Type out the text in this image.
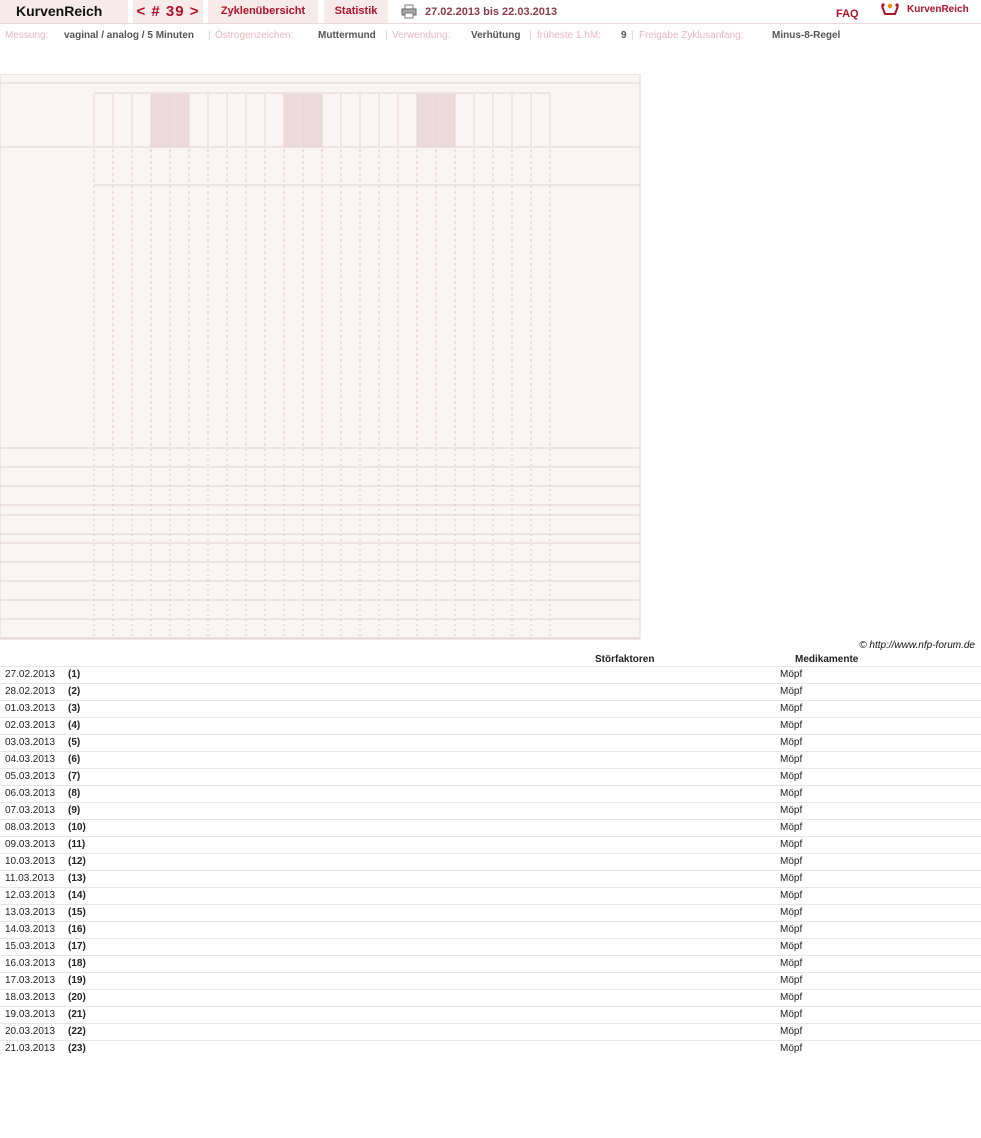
KurvenReich	< # 39 >	Zyklenübersicht	Statistik	27.02.2013 bis 22.03.2013	FAQ	KurvenReich
Messung: vaginal / analog / 5 Minuten | Östrogenzeichen: Muttermund | Verwendung: Verhütung | früheste 1.hM: 9 | Freigabe Zyklusanfang:	Minus-8-Regel
© http://www.nfp-forum.de
Störfaktoren	Medikamente
27.02.2013 (1)	Möpf
28.02.2013 (2)	Möpf
01.03.2013 (3)	Möpf
02.03.2013 (4)	Möpf
03.03.2013 (5)	Möpf
04.03.2013 (6)	Möpf
05.03.2013 (7)	Möpf
06.03.2013 (8)	Möpf
07.03.2013 (9)	Möpf
08.03.2013 (10)	Möpf
09.03.2013 (11)	Möpf
10.03.2013 (12)	Möpf
11.03.2013 (13)	Möpf
12.03.2013 (14)	Möpf
13.03.2013 (15)	Möpf
14.03.2013 (16)	Möpf
15.03.2013 (17)	Möpf
16.03.2013 (18)	Möpf
17.03.2013 (19)	Möpf
18.03.2013 (20)	Möpf
19.03.2013 (21)	Möpf
20.03.2013 (22)	Möpf
21.03.2013 (23)	Möpf
